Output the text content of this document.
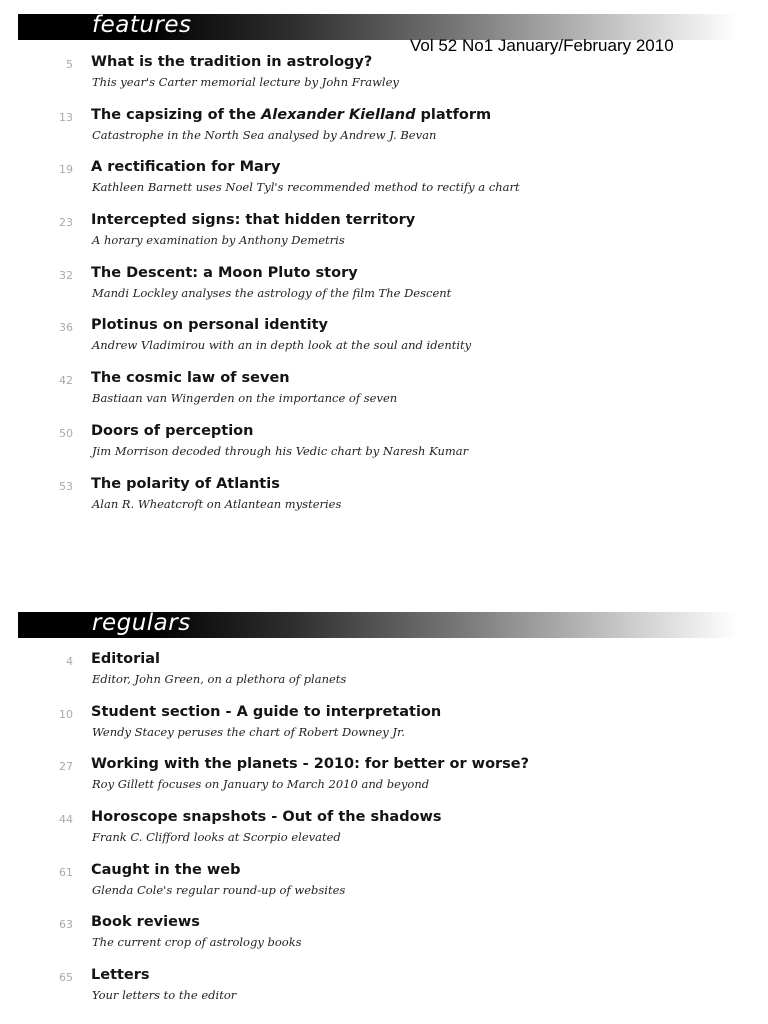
features
Vol 52 No1 January/February 2010
5 What is the tradition in astrology?
This year's Carter memorial lecture by John Frawley
13 The capsizing of the Alexander Kielland platform
Catastrophe in the North Sea analysed by Andrew J. Bevan
19 A rectification for Mary
Kathleen Barnett uses Noel Tyl's recommended method to rectify a chart
23 Intercepted signs: that hidden territory
A horary examination by Anthony Demetris
32 The Descent: a Moon Pluto story
Mandi Lockley analyses the astrology of the film The Descent
36 Plotinus on personal identity
Andrew Vladimirou with an in depth look at the soul and identity
42 The cosmic law of seven
Bastiaan van Wingerden on the importance of seven
50 Doors of perception
Jim Morrison decoded through his Vedic chart by Naresh Kumar
53 The polarity of Atlantis
Alan R. Wheatcroft on Atlantean mysteries
regulars
4 Editorial
Editor, John Green, on a plethora of planets
10 Student section - A guide to interpretation
Wendy Stacey peruses the chart of Robert Downey Jr.
27 Working with the planets - 2010: for better or worse?
Roy Gillett focuses on January to March 2010 and beyond
44 Horoscope snapshots - Out of the shadows
Frank C. Clifford looks at Scorpio elevated
61 Caught in the web
Glenda Cole's regular round-up of websites
63 Book reviews
The current crop of astrology books
65 Letters
Your letters to the editor
